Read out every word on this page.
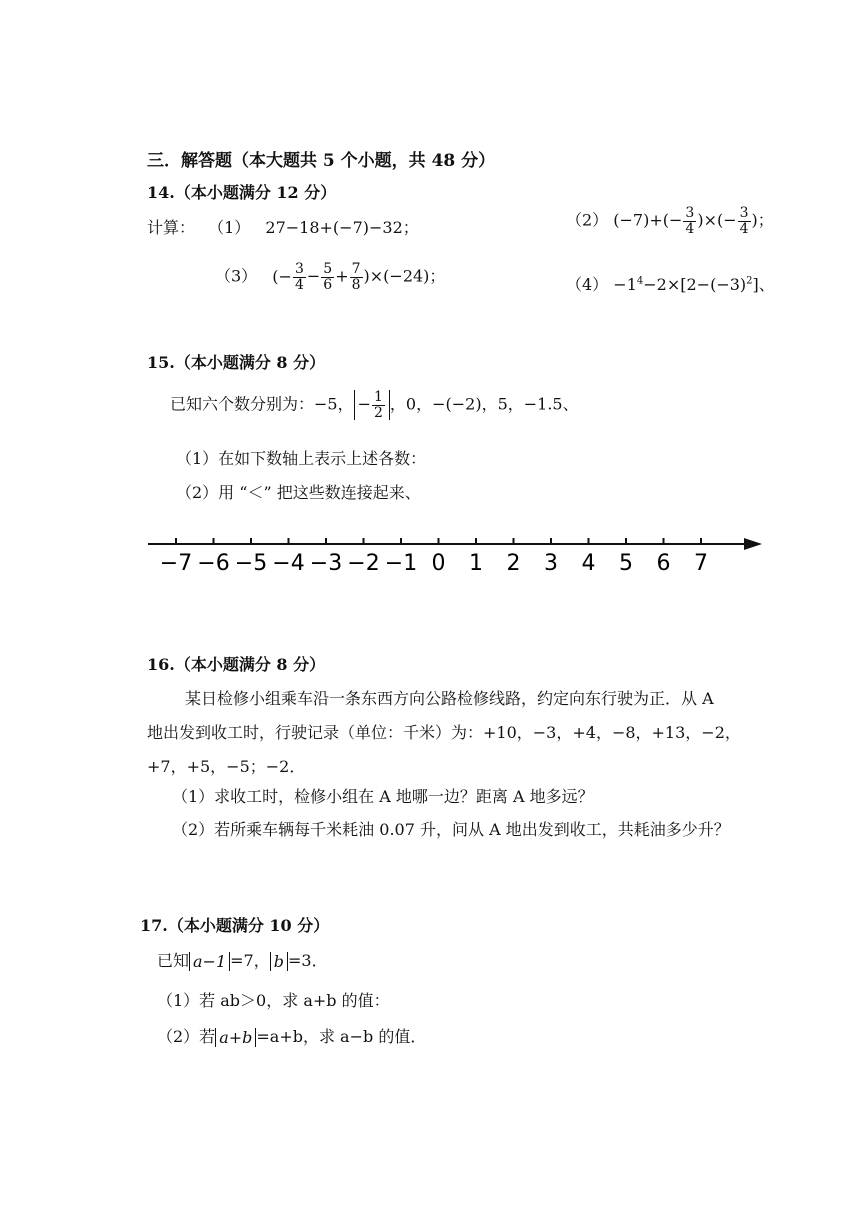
三．解答题（本大题共 5 个小题，共 48 分）
14.（本小题满分 12 分）
计算： （1） 27−18+(−7)−32；	（2） $(-7)+(- \frac{3}{4}$ )×(− $\frac{3}{4}$ )；
（3） (− $\frac{3}{4} - \frac{5}{6} + \frac{7}{8} )\times(-24)$；	$(4) -1^4-2\times[2-(-3)^2]$、
15.（本小题满分 8 分）
已知六个数分别为：−5， − $\frac{1}{2}$ ，0，−(−2)，5，−1.5、
（1）在如下数轴上表示上述各数：
（2）用 “＜” 把这些数连接起来、
−7 −6 −5 −4 −3 −2 −1 0 1 2 3 4 5 6 7
16.（本小题满分 8 分）
某日检修小组乘车沿一条东西方向公路检修线路，约定向东行驶为正．从 A
地出发到收工时，行驶记录（单位：千米）为：+10，−3，+4，−8，+13，−2，
+7，+5，−5；−2．
（1）求收工时，检修小组在 A 地哪一边？距离 A 地多远？
（2）若所乘车辆每千米耗油 0.07 升，问从 A 地出发到收工，共耗油多少升？
17.（本小题满分 10 分）
已知 a−1 =7， b =3．
（1）若 ab＞0，求 a+b 的值：
（2）若 a+b =a+b，求 a−b 的值．
